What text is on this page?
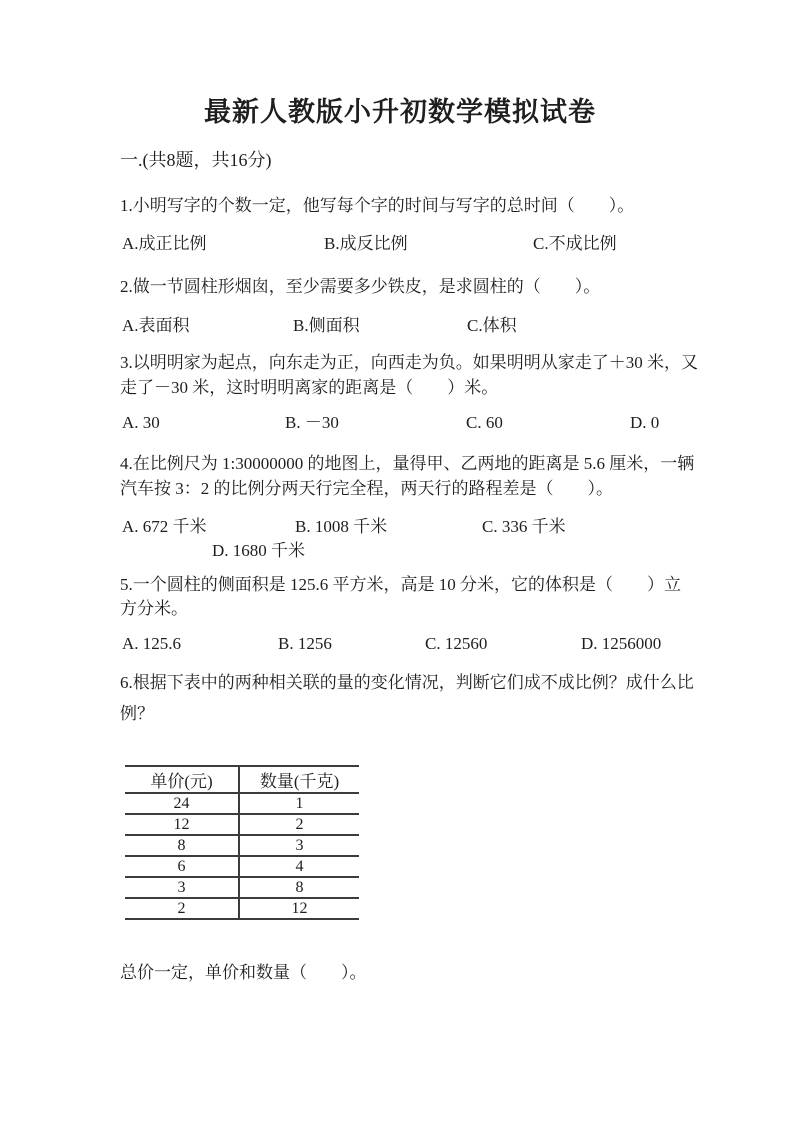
最新人教版小升初数学模拟试卷
一.(共8题，共16分)
1.小明写字的个数一定，他写每个字的时间与写字的总时间（　　）。
A.成正比例	B.成反比例	C.不成比例
2.做一节圆柱形烟囱，至少需要多少铁皮，是求圆柱的（　　）。
A.表面积	B.侧面积	C.体积
3.以明明家为起点，向东走为正，向西走为负。如果明明从家走了＋30 米，又
走了－30 米，这时明明离家的距离是（　　）米。
A. 30	B. －30	C. 60	D. 0
4.在比例尺为 1:30000000 的地图上，量得甲、乙两地的距离是 5.6 厘米，一辆
汽车按 3：2 的比例分两天行完全程，两天行的路程差是（　　）。
A. 672 千米	B. 1008 千米	C. 336 千米
D. 1680 千米
5.一个圆柱的侧面积是 125.6 平方米，高是 10 分米，它的体积是（　　）立
方分米。
A. 125.6	B. 1256	C. 12560	D. 1256000
6.根据下表中的两种相关联的量的变化情况，判断它们成不成比例？成什么比
例？
单价(元)	数量(千克)
24	1
12	2
8	3
6	4
3	8
2	12
总价一定，单价和数量（　　）。
